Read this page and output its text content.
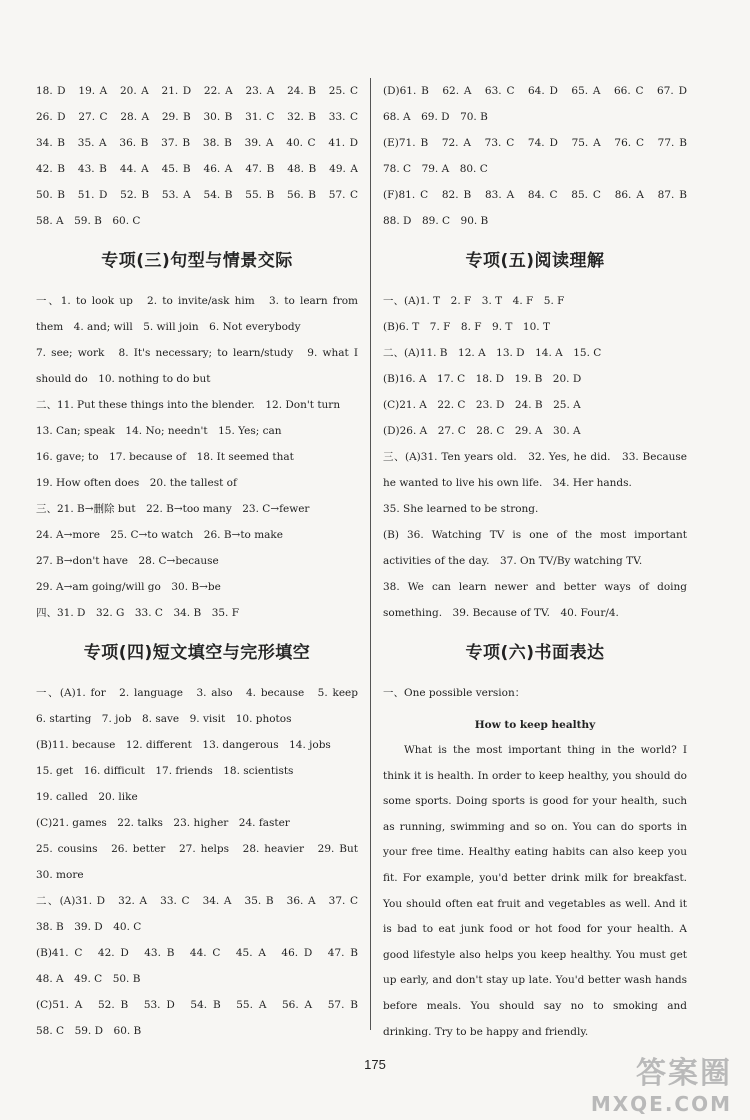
18. D　19. A　20. A　21. D　22. A　23. A　24. B　25. C
26. D　27. C　28. A　29. B　30. B　31. C　32. B　33. C
34. B　35. A　36. B　37. B　38. B　39. A　40. C　41. D
42. B　43. B　44. A　45. B　46. A　47. B　48. B　49. A
50. B　51. D　52. B　53. A　54. B　55. B　56. B　57. C
58. A　59. B　60. C
专项(三)句型与情景交际
一、1. to look up　2. to invite/ask him　3. to learn from
them　4. and; will　5. will join　6. Not everybody
7. see; work　8. It's necessary; to learn/study　9. what I
should do　10. nothing to do but
二、11. Put these things into the blender.　12. Don't turn
13. Can; speak　14. No; needn't　15. Yes; can
16. gave; to　17. because of　18. It seemed that
19. How often does　20. the tallest of
三、21. B→删除 but　22. B→too many　23. C→fewer
24. A→more　25. C→to watch　26. B→to make
27. B→don't have　28. C→because
29. A→am going/will go　30. B→be
四、31. D　32. G　33. C　34. B　35. F
专项(四)短文填空与完形填空
一、(A)1. for　2. language　3. also　4. because　5. keep
6. starting　7. job　8. save　9. visit　10. photos
(B)11. because　12. different　13. dangerous　14. jobs
15. get　16. difficult　17. friends　18. scientists
19. called　20. like
(C)21. games　22. talks　23. higher　24. faster
25. cousins　26. better　27. helps　28. heavier　29. But
30. more
二、(A)31. D　32. A　33. C　34. A　35. B　36. A　37. C
38. B　39. D　40. C
(B)41. C　42. D　43. B　44. C　45. A　46. D　47. B
48. A　49. C　50. B
(C)51. A　52. B　53. D　54. B　55. A　56. A　57. B
58. C　59. D　60. B
(D)61. B　62. A　63. C　64. D　65. A　66. C　67. D
68. A　69. D　70. B
(E)71. B　72. A　73. C　74. D　75. A　76. C　77. B
78. C　79. A　80. C
(F)81. C　82. B　83. A　84. C　85. C　86. A　87. B
88. D　89. C　90. B
专项(五)阅读理解
一、(A)1. T　2. F　3. T　4. F　5. F
(B)6. T　7. F　8. F　9. T　10. T
二、(A)11. B　12. A　13. D　14. A　15. C
(B)16. A　17. C　18. D　19. B　20. D
(C)21. A　22. C　23. D　24. B　25. A
(D)26. A　27. C　28. C　29. A　30. A
三、(A)31. Ten years old.　32. Yes, he did.　33. Because
he wanted to live his own life.　34. Her hands.
35. She learned to be strong.
(B) 36. Watching TV is one of the most important
activities of the day.　37. On TV/By watching TV.
38. We can learn newer and better ways of doing
something.　39. Because of TV.　40. Four/4.
专项(六)书面表达
一、One possible version：
How to keep healthy
What is the most important thing in the world? I think it is health. In order to keep healthy, you should do some sports. Doing sports is good for your health, such as running, swimming and so on. You can do sports in your free time. Healthy eating habits can also keep you fit. For example, you'd better drink milk for breakfast. You should often eat fruit and vegetables as well. And it is bad to eat junk food or hot food for your health. A good lifestyle also helps you keep healthy. You must get up early, and don't stay up late. You'd better wash hands before meals. You should say no to smoking and drinking. Try to be happy and friendly.
175	答案圈
MXQE.COM
